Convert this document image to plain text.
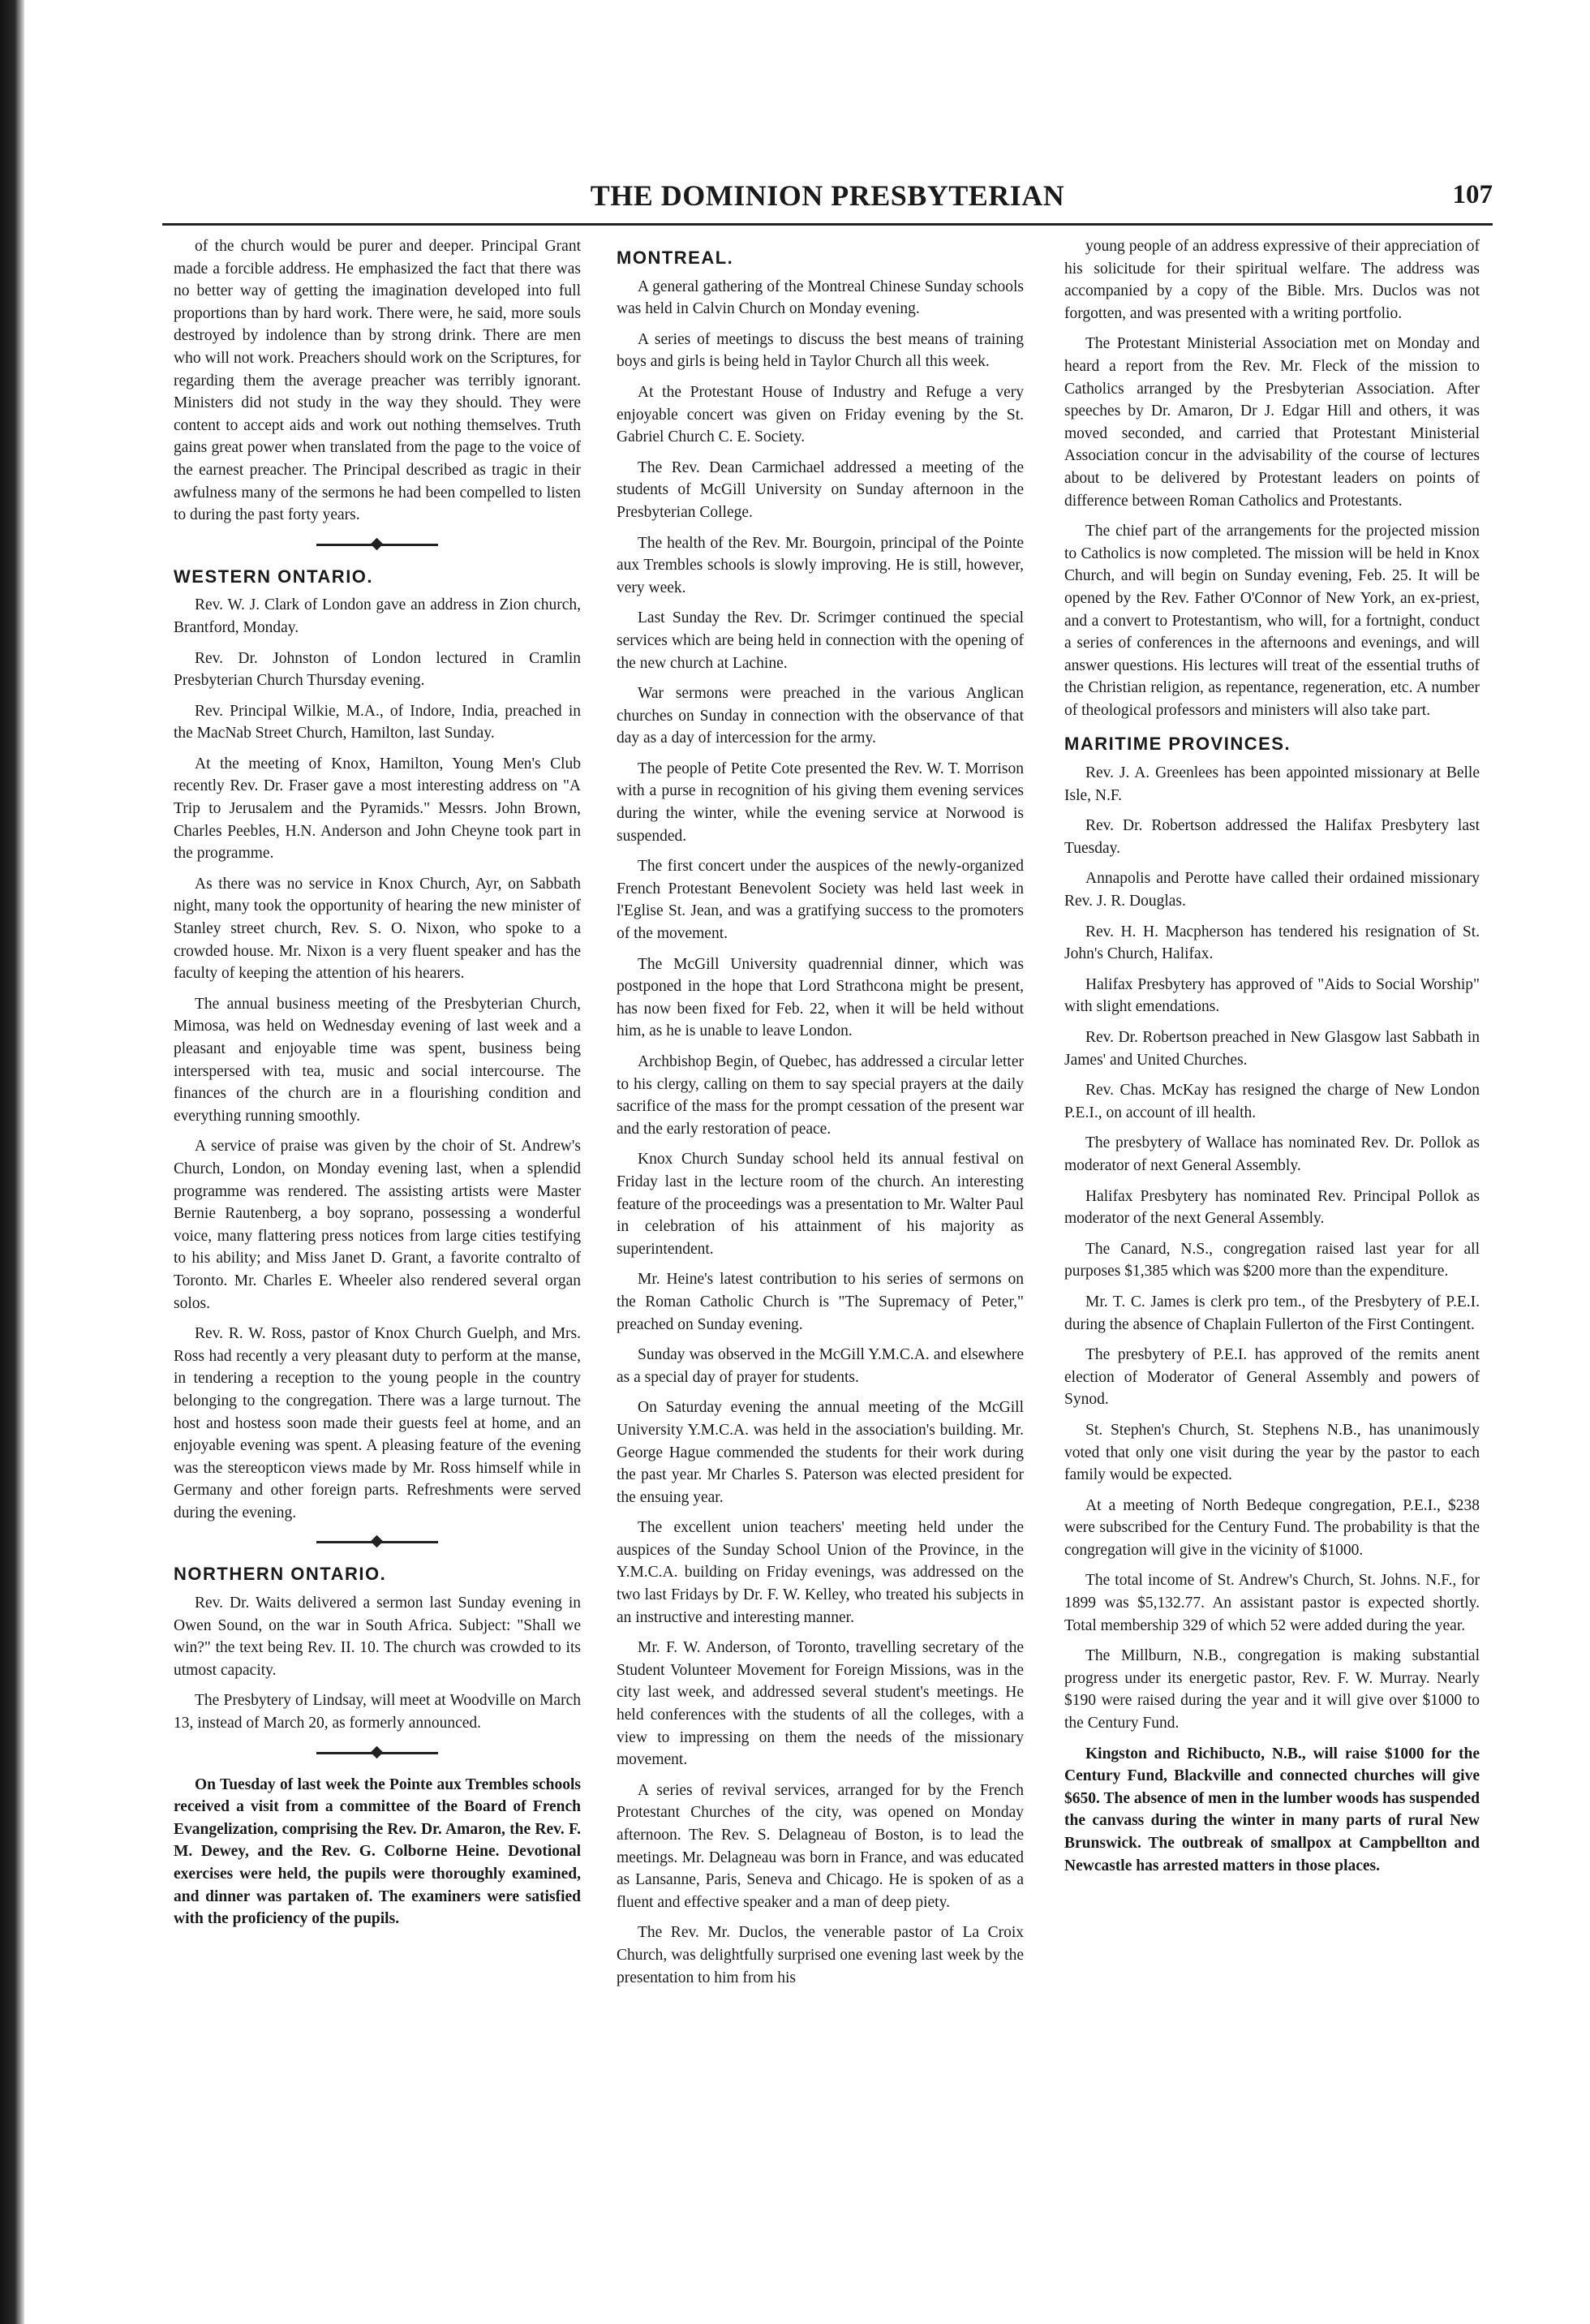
THE DOMINION PRESBYTERIAN	107

of the church would be purer and deeper. Principal Grant made a forcible address. He emphasized the fact that there was no better way of getting the imagination developed into full proportions than by hard work. There were, he said, more souls destroyed by indolence than by strong drink. There are men who will not work. Preachers should work on the Scriptures, for regarding them the average preacher was terribly ignorant. Ministers did not study in the way they should. They were content to accept aids and work out nothing themselves. Truth gains great power when translated from the page to the voice of the earnest preacher. The Principal described as tragic in their awfulness many of the sermons he had been compelled to listen to during the past forty years.

WESTERN ONTARIO.

Rev. W. J. Clark of London gave an address in Zion church, Brantford, Monday.

Rev. Dr. Johnston of London lectured in Cramlin Presbyterian Church Thursday evening.

Rev. Principal Wilkie, M.A., of Indore, India, preached in the MacNab Street Church, Hamilton, last Sunday.

At the meeting of Knox, Hamilton, Young Men's Club recently Rev. Dr. Fraser gave a most interesting address on "A Trip to Jerusalem and the Pyramids." Messrs. John Brown, Charles Peebles, H.N. Anderson and John Cheyne took part in the programme.

As there was no service in Knox Church, Ayr, on Sabbath night, many took the opportunity of hearing the new minister of Stanley street church, Rev. S. O. Nixon, who spoke to a crowded house. Mr. Nixon is a very fluent speaker and has the faculty of keeping the attention of his hearers.

The annual business meeting of the Presbyterian Church, Mimosa, was held on Wednesday evening of last week and a pleasant and enjoyable time was spent, business being interspersed with tea, music and social intercourse. The finances of the church are in a flourishing condition and everything running smoothly.

A service of praise was given by the choir of St. Andrew's Church, London, on Monday evening last, when a splendid programme was rendered. The assisting artists were Master Bernie Rautenberg, a boy soprano, possessing a wonderful voice, many flattering press notices from large cities testifying to his ability; and Miss Janet D. Grant, a favorite contralto of Toronto. Mr. Charles E. Wheeler also rendered several organ solos.

Rev. R. W. Ross, pastor of Knox Church Guelph, and Mrs. Ross had recently a very pleasant duty to perform at the manse, in tendering a reception to the young people in the country belonging to the congregation. There was a large turnout. The host and hostess soon made their guests feel at home, and an enjoyable evening was spent. A pleasing feature of the evening was the stereopticon views made by Mr. Ross himself while in Germany and other foreign parts. Refreshments were served during the evening.

NORTHERN ONTARIO.

Rev. Dr. Waits delivered a sermon last Sunday evening in Owen Sound, on the war in South Africa. Subject: "Shall we win?" the text being Rev. II. 10. The church was crowded to its utmost capacity.

The Presbytery of Lindsay, will meet at Woodville on March 13, instead of March 20, as formerly announced.

On Tuesday of last week the Pointe aux Trembles schools received a visit from a committee of the Board of French Evangelization, comprising the Rev. Dr. Amaron, the Rev. F. M. Dewey, and the Rev. G. Colborne Heine. Devotional exercises were held, the pupils were thoroughly examined, and dinner was partaken of. The examiners were satisfied with the proficiency of the pupils.

MONTREAL.

A general gathering of the Montreal Chinese Sunday schools was held in Calvin Church on Monday evening.

A series of meetings to discuss the best means of training boys and girls is being held in Taylor Church all this week.

At the Protestant House of Industry and Refuge a very enjoyable concert was given on Friday evening by the St. Gabriel Church C. E. Society.

The Rev. Dean Carmichael addressed a meeting of the students of McGill University on Sunday afternoon in the Presbyterian College.

The health of the Rev. Mr. Bourgoin, principal of the Pointe aux Trembles schools is slowly improving. He is still, however, very week.

Last Sunday the Rev. Dr. Scrimger continued the special services which are being held in connection with the opening of the new church at Lachine.

War sermons were preached in the various Anglican churches on Sunday in connection with the observance of that day as a day of intercession for the army.

The people of Petite Cote presented the Rev. W. T. Morrison with a purse in recognition of his giving them evening services during the winter, while the evening service at Norwood is suspended.

The first concert under the auspices of the newly-organized French Protestant Benevolent Society was held last week in l'Eglise St. Jean, and was a gratifying success to the promoters of the movement.

The McGill University quadrennial dinner, which was postponed in the hope that Lord Strathcona might be present, has now been fixed for Feb. 22, when it will be held without him, as he is unable to leave London.

Archbishop Begin, of Quebec, has addressed a circular letter to his clergy, calling on them to say special prayers at the daily sacrifice of the mass for the prompt cessation of the present war and the early restoration of peace.

Knox Church Sunday school held its annual festival on Friday last in the lecture room of the church. An interesting feature of the proceedings was a presentation to Mr. Walter Paul in celebration of his attainment of his majority as superintendent.

Mr. Heine's latest contribution to his series of sermons on the Roman Catholic Church is "The Supremacy of Peter," preached on Sunday evening.

Sunday was observed in the McGill Y.M.C.A. and elsewhere as a special day of prayer for students.

On Saturday evening the annual meeting of the McGill University Y.M.C.A. was held in the association's building. Mr. George Hague commended the students for their work during the past year. Mr Charles S. Paterson was elected president for the ensuing year.

The excellent union teachers' meeting held under the auspices of the Sunday School Union of the Province, in the Y.M.C.A. building on Friday evenings, was addressed on the two last Fridays by Dr. F. W. Kelley, who treated his subjects in an instructive and interesting manner.

Mr. F. W. Anderson, of Toronto, travelling secretary of the Student Volunteer Movement for Foreign Missions, was in the city last week, and addressed several student's meetings. He held conferences with the students of all the colleges, with a view to impressing on them the needs of the missionary movement.

A series of revival services, arranged for by the French Protestant Churches of the city, was opened on Monday afternoon. The Rev. S. Delagneau of Boston, is to lead the meetings. Mr. Delagneau was born in France, and was educated as Lansanne, Paris, Seneva and Chicago. He is spoken of as a fluent and effective speaker and a man of deep piety.

The Rev. Mr. Duclos, the venerable pastor of La Croix Church, was delightfully surprised one evening last week by the presentation to him from his

young people of an address expressive of their appreciation of his solicitude for their spiritual welfare. The address was accompanied by a copy of the Bible. Mrs. Duclos was not forgotten, and was presented with a writing portfolio.

The Protestant Ministerial Association met on Monday and heard a report from the Rev. Mr. Fleck of the mission to Catholics arranged by the Presbyterian Association. After speeches by Dr. Amaron, Dr J. Edgar Hill and others, it was moved seconded, and carried that Protestant Ministerial Association concur in the advisability of the course of lectures about to be delivered by Protestant leaders on points of difference between Roman Catholics and Protestants.

The chief part of the arrangements for the projected mission to Catholics is now completed. The mission will be held in Knox Church, and will begin on Sunday evening, Feb. 25. It will be opened by the Rev. Father O'Connor of New York, an ex-priest, and a convert to Protestantism, who will, for a fortnight, conduct a series of conferences in the afternoons and evenings, and will answer questions. His lectures will treat of the essential truths of the Christian religion, as repentance, regeneration, etc. A number of theological professors and ministers will also take part.

MARITIME PROVINCES.

Rev. J. A. Greenlees has been appointed missionary at Belle Isle, N.F.

Rev. Dr. Robertson addressed the Halifax Presbytery last Tuesday.

Annapolis and Perotte have called their ordained missionary Rev. J. R. Douglas.

Rev. H. H. Macpherson has tendered his resignation of St. John's Church, Halifax.

Halifax Presbytery has approved of "Aids to Social Worship" with slight emendations.

Rev. Dr. Robertson preached in New Glasgow last Sabbath in James' and United Churches.

Rev. Chas. McKay has resigned the charge of New London P.E.I., on account of ill health.

The presbytery of Wallace has nominated Rev. Dr. Pollok as moderator of next General Assembly.

Halifax Presbytery has nominated Rev. Principal Pollok as moderator of the next General Assembly.

The Canard, N.S., congregation raised last year for all purposes $1,385 which was $200 more than the expenditure.

Mr. T. C. James is clerk pro tem., of the Presbytery of P.E.I. during the absence of Chaplain Fullerton of the First Contingent.

The presbytery of P.E.I. has approved of the remits anent election of Moderator of General Assembly and powers of Synod.

St. Stephen's Church, St. Stephens N.B., has unanimously voted that only one visit during the year by the pastor to each family would be expected.

At a meeting of North Bedeque congregation, P.E.I., $238 were subscribed for the Century Fund. The probability is that the congregation will give in the vicinity of $1000.

The total income of St. Andrew's Church, St. Johns. N.F., for 1899 was $5,132.77. An assistant pastor is expected shortly. Total membership 329 of which 52 were added during the year.

The Millburn, N.B., congregation is making substantial progress under its energetic pastor, Rev. F. W. Murray. Nearly $190 were raised during the year and it will give over $1000 to the Century Fund.

Kingston and Richibucto, N.B., will raise $1000 for the Century Fund, Blackville and connected churches will give $650. The absence of men in the lumber woods has suspended the canvass during the winter in many parts of rural New Brunswick. The outbreak of smallpox at Campbellton and Newcastle has arrested matters in those places.
